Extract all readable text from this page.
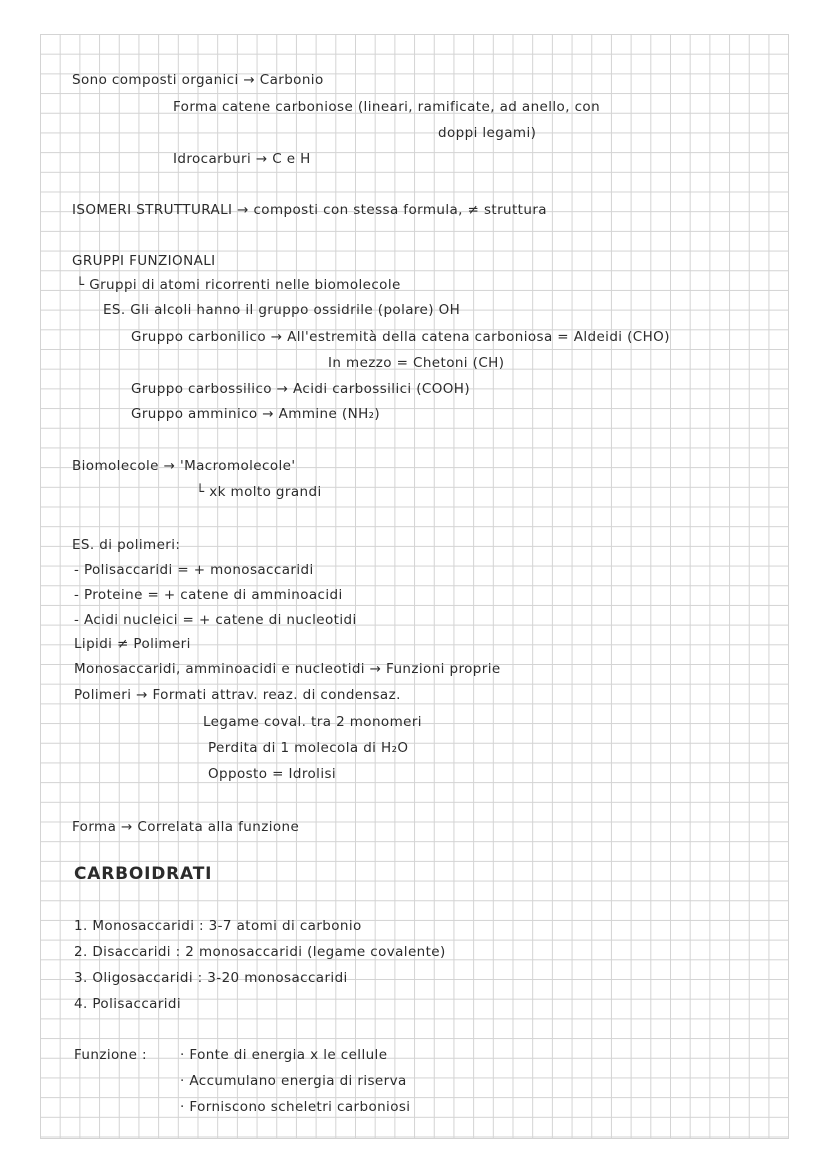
Sono composti organici → Carbonio
Forma catene carboniose (lineari, ramificate, ad anello, con
doppi legami)
Idrocarburi → C e H
ISOMERI STRUTTURALI → composti con stessa formula, ≠ struttura
GRUPPI FUNZIONALI
└ Gruppi di atomi ricorrenti nelle biomolecole
ES. Gli alcoli hanno il gruppo ossidrile (polare) OH
Gruppo carbonilico → All'estremità della catena carboniosa = Aldeidi (CHO)
In mezzo = Chetoni (CH)
Gruppo carbossilico → Acidi carbossilici (COOH)
Gruppo amminico → Ammine (NH₂)
Biomolecole → 'Macromolecole'
└ xk molto grandi
ES. di polimeri:
- Polisaccaridi = + monosaccaridi
- Proteine = + catene di amminoacidi
- Acidi nucleici = + catene di nucleotidi
Lipidi ≠ Polimeri
Monosaccaridi, amminoacidi e nucleotidi → Funzioni proprie
Polimeri → Formati attrav. reaz. di condensaz.
Legame coval. tra 2 monomeri
Perdita di 1 molecola di H₂O
Opposto = Idrolisi
Forma → Correlata alla funzione
CARBOIDRATI
1. Monosaccaridi : 3-7 atomi di carbonio
2. Disaccaridi : 2 monosaccaridi (legame covalente)
3. Oligosaccaridi : 3-20 monosaccaridi
4. Polisaccaridi
Funzione : · Fonte di energia x le cellule
· Accumulano energia di riserva
· Forniscono scheletri carboniosi
